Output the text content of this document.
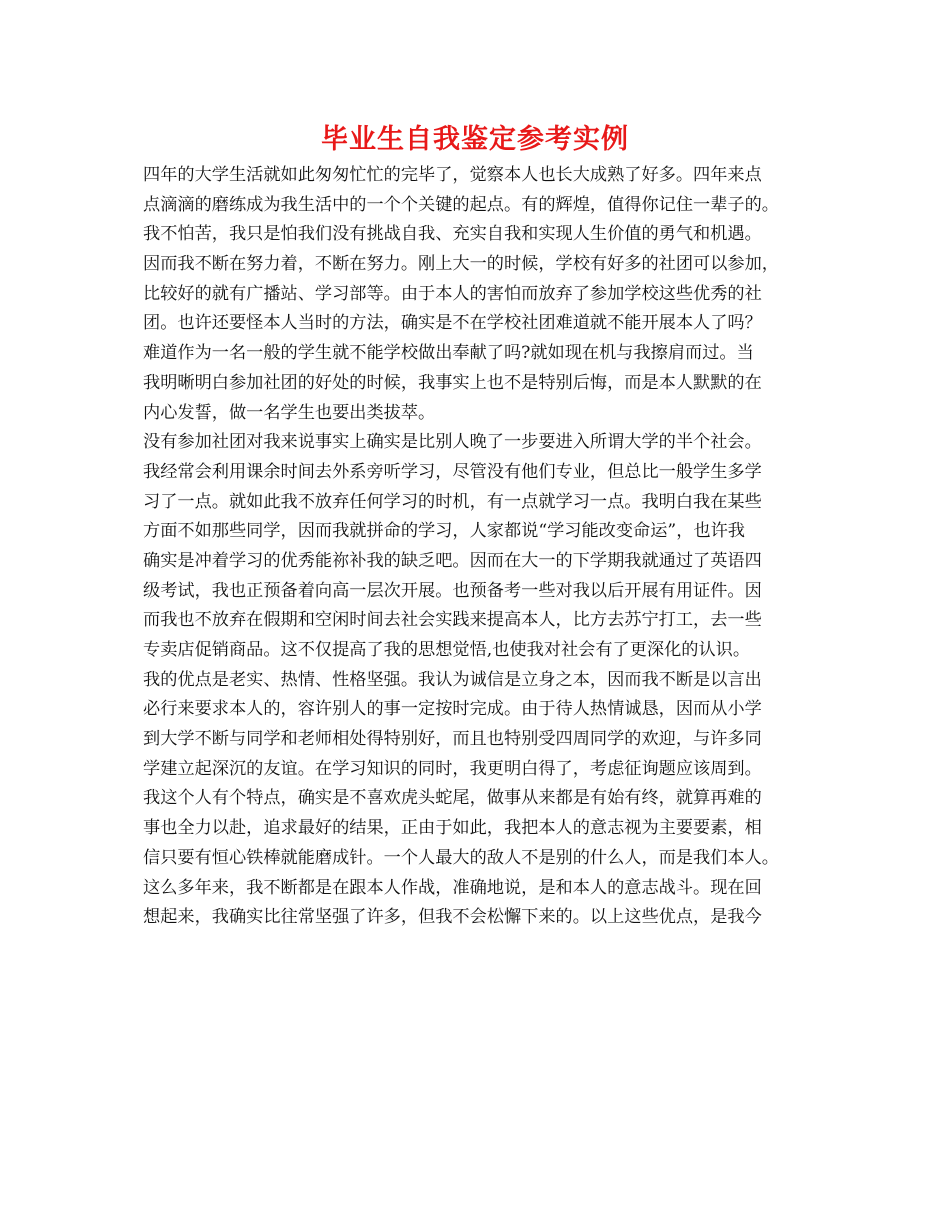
毕业生自我鉴定参考实例
四年的大学生活就如此匆匆忙忙的完毕了，觉察本人也长大成熟了好多。四年来点
点滴滴的磨练成为我生活中的一个个关键的起点。有的辉煌，值得你记住一辈子的。
我不怕苦，我只是怕我们没有挑战自我、充实自我和实现人生价值的勇气和机遇。
因而我不断在努力着，不断在努力。刚上大一的时候，学校有好多的社团可以参加，
比较好的就有广播站、学习部等。由于本人的害怕而放弃了参加学校这些优秀的社
团。也许还要怪本人当时的方法，确实是不在学校社团难道就不能开展本人了吗？
难道作为一名一般的学生就不能学校做出奉献了吗?就如现在机与我擦肩而过。当
我明晰明白参加社团的好处的时候，我事实上也不是特别后悔，而是本人默默的在
内心发誓，做一名学生也要出类拔萃。
没有参加社团对我来说事实上确实是比别人晚了一步要进入所谓大学的半个社会。
我经常会利用课余时间去外系旁听学习，尽管没有他们专业，但总比一般学生多学
习了一点。就如此我不放弃任何学习的时机，有一点就学习一点。我明白我在某些
方面不如那些同学，因而我就拼命的学习，人家都说“学习能改变命运”，也许我
确实是冲着学习的优秀能祢补我的缺乏吧。因而在大一的下学期我就通过了英语四
级考试，我也正预备着向高一层次开展。也预备考一些对我以后开展有用证件。因
而我也不放弃在假期和空闲时间去社会实践来提高本人，比方去苏宁打工，去一些
专卖店促销商品。这不仅提高了我的思想觉悟,也使我对社会有了更深化的认识。
我的优点是老实、热情、性格坚强。我认为诚信是立身之本，因而我不断是以言出
必行来要求本人的，容许别人的事一定按时完成。由于待人热情诚恳，因而从小学
到大学不断与同学和老师相处得特别好，而且也特别受四周同学的欢迎，与许多同
学建立起深沉的友谊。在学习知识的同时，我更明白得了，考虑征询题应该周到。
我这个人有个特点，确实是不喜欢虎头蛇尾，做事从来都是有始有终，就算再难的
事也全力以赴，追求最好的结果，正由于如此，我把本人的意志视为主要要素，相
信只要有恒心铁棒就能磨成针。一个人最大的敌人不是别的什么人，而是我们本人。
这么多年来，我不断都是在跟本人作战，准确地说，是和本人的意志战斗。现在回
想起来，我确实比往常坚强了许多，但我不会松懈下来的。以上这些优点，是我今
